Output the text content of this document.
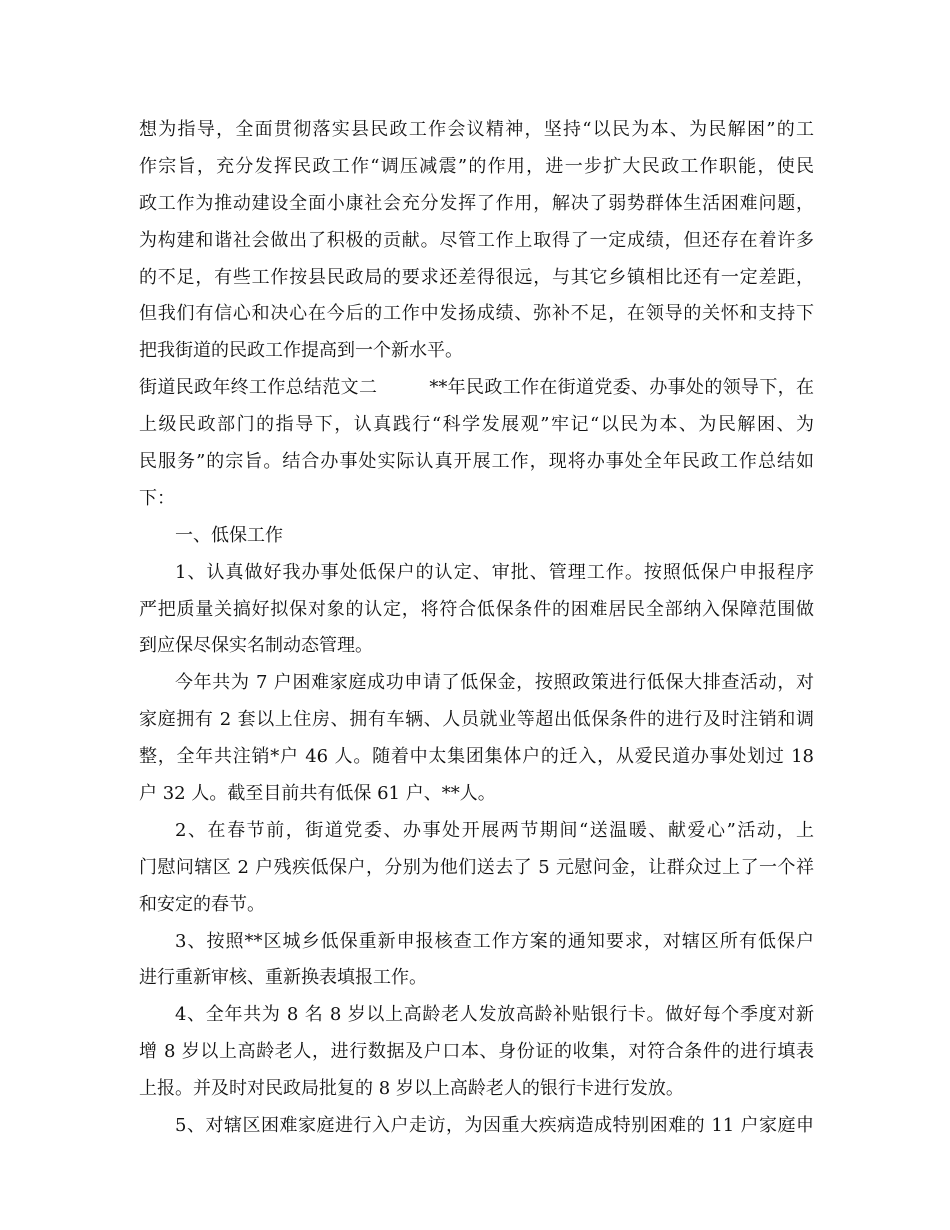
想为指导，全面贯彻落实县民政工作会议精神，坚持“以民为本、为民解困”的工
作宗旨，充分发挥民政工作“调压减震”的作用，进一步扩大民政工作职能，使民
政工作为推动建设全面小康社会充分发挥了作用，解决了弱势群体生活困难问题，
为构建和谐社会做出了积极的贡献。尽管工作上取得了一定成绩，但还存在着许多
的不足，有些工作按县民政局的要求还差得很远，与其它乡镇相比还有一定差距，
但我们有信心和决心在今后的工作中发扬成绩、弥补不足，在领导的关怀和支持下
把我街道的民政工作提高到一个新水平。
街道民政年终工作总结范文二	**年民政工作在街道党委、办事处的领导下，在
上级民政部门的指导下，认真践行“科学发展观”牢记“以民为本、为民解困、为
民服务”的宗旨。结合办事处实际认真开展工作，现将办事处全年民政工作总结如
下：
一、低保工作
1、认真做好我办事处低保户的认定、审批、管理工作。按照低保户申报程序
严把质量关搞好拟保对象的认定，将符合低保条件的困难居民全部纳入保障范围做
到应保尽保实名制动态管理。
今年共为 7 户困难家庭成功申请了低保金，按照政策进行低保大排查活动，对
家庭拥有 2 套以上住房、拥有车辆、人员就业等超出低保条件的进行及时注销和调
整，全年共注销*户 46 人。随着中太集团集体户的迁入，从爱民道办事处划过 18
户 32 人。截至目前共有低保 61 户、**人。
2、在春节前，街道党委、办事处开展两节期间“送温暖、献爱心”活动，上
门慰问辖区 2 户残疾低保户，分别为他们送去了 5 元慰问金，让群众过上了一个祥
和安定的春节。
3、按照**区城乡低保重新申报核查工作方案的通知要求，对辖区所有低保户
进行重新审核、重新换表填报工作。
4、全年共为 8 名 8 岁以上高龄老人发放高龄补贴银行卡。做好每个季度对新
增 8 岁以上高龄老人，进行数据及户口本、身份证的收集，对符合条件的进行填表
上报。并及时对民政局批复的 8 岁以上高龄老人的银行卡进行发放。
5、对辖区困难家庭进行入户走访，为因重大疾病造成特别困难的 11 户家庭申
